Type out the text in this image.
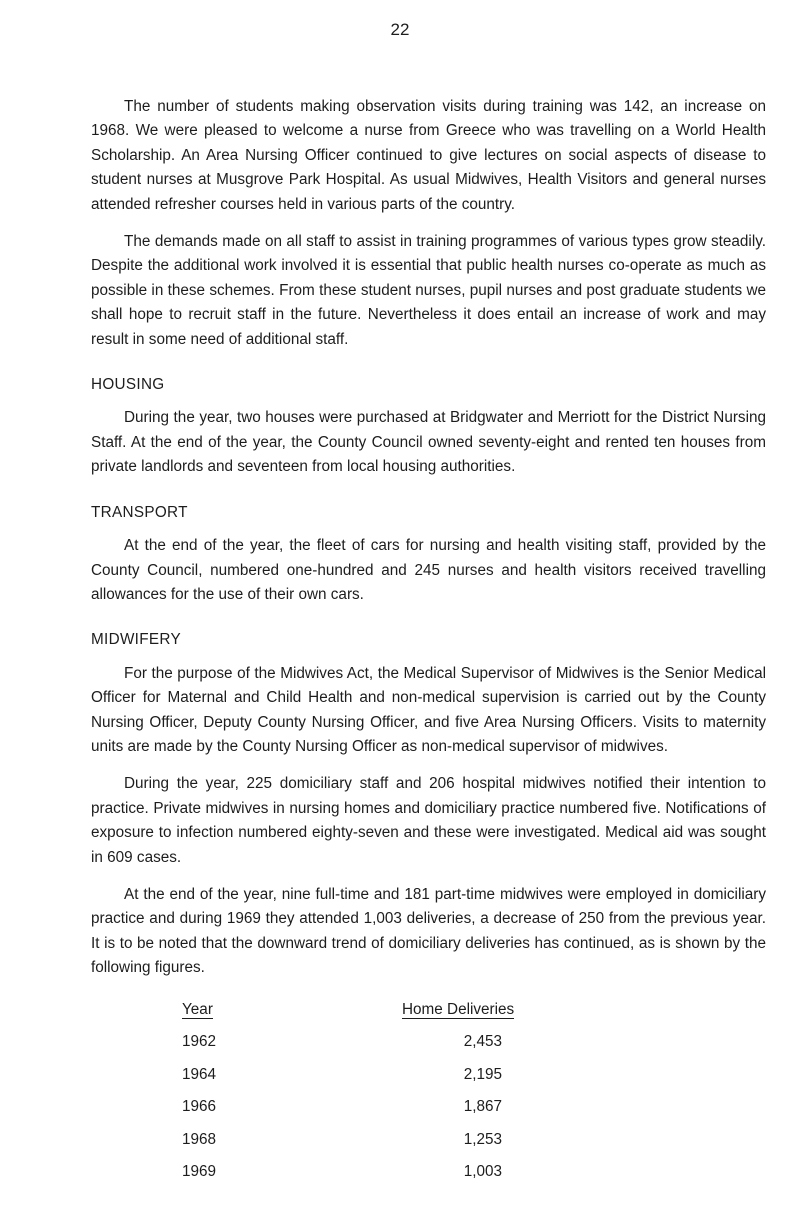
22

The number of students making observation visits during training was 142, an increase on 1968. We were pleased to welcome a nurse from Greece who was travelling on a World Health Scholarship. An Area Nursing Officer continued to give lectures on social aspects of disease to student nurses at Musgrove Park Hospital. As usual Midwives, Health Visitors and general nurses attended refresher courses held in various parts of the country.

The demands made on all staff to assist in training programmes of various types grow steadily. Despite the additional work involved it is essential that public health nurses co-operate as much as possible in these schemes. From these student nurses, pupil nurses and post graduate students we shall hope to recruit staff in the future. Nevertheless it does entail an increase of work and may result in some need of additional staff.

HOUSING

During the year, two houses were purchased at Bridgwater and Merriott for the District Nursing Staff. At the end of the year, the County Council owned seventy-eight and rented ten houses from private landlords and seventeen from local housing authorities.

TRANSPORT

At the end of the year, the fleet of cars for nursing and health visiting staff, provided by the County Council, numbered one-hundred and 245 nurses and health visitors received travelling allowances for the use of their own cars.

MIDWIFERY

For the purpose of the Midwives Act, the Medical Supervisor of Midwives is the Senior Medical Officer for Maternal and Child Health and non-medical supervision is carried out by the County Nursing Officer, Deputy County Nursing Officer, and five Area Nursing Officers. Visits to maternity units are made by the County Nursing Officer as non-medical supervisor of midwives.

During the year, 225 domiciliary staff and 206 hospital midwives notified their intention to practice. Private midwives in nursing homes and domiciliary practice numbered five. Notifications of exposure to infection numbered eighty-seven and these were investigated. Medical aid was sought in 609 cases.

At the end of the year, nine full-time and 181 part-time midwives were employed in domiciliary practice and during 1969 they attended 1,003 deliveries, a decrease of 250 from the previous year. It is to be noted that the downward trend of domiciliary deliveries has continued, as is shown by the following figures.

Year	Home Deliveries
1962	2,453
1964	2,195
1966	1,867
1968	1,253
1969	1,003
